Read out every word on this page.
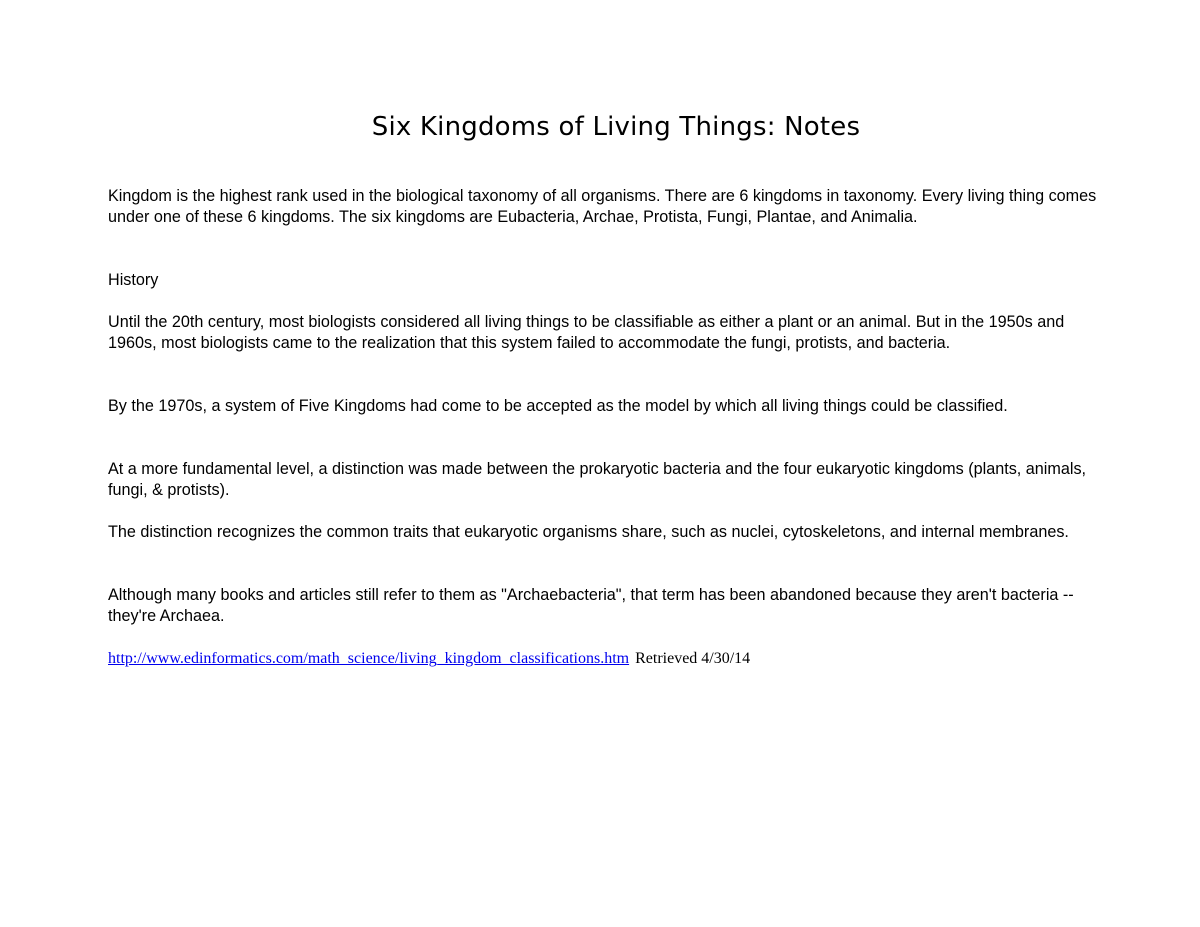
Six Kingdoms of Living Things: Notes

Kingdom is the highest rank used in the biological taxonomy of all organisms. There are 6 kingdoms in taxonomy. Every living thing comes under one of these 6 kingdoms. The six kingdoms are Eubacteria, Archae, Protista, Fungi, Plantae, and Animalia.

History

Until the 20th century, most biologists considered all living things to be classifiable as either a plant or an animal. But in the 1950s and 1960s, most biologists came to the realization that this system failed to accommodate the fungi, protists, and bacteria.

By the 1970s, a system of Five Kingdoms had come to be accepted as the model by which all living things could be classified.

At a more fundamental level, a distinction was made between the prokaryotic bacteria and the four eukaryotic kingdoms (plants, animals, fungi, & protists).

The distinction recognizes the common traits that eukaryotic organisms share, such as nuclei, cytoskeletons, and internal membranes.

Although many books and articles still refer to them as "Archaebacteria", that term has been abandoned because they aren't bacteria -- they're Archaea.

http://www.edinformatics.com/math_science/living_kingdom_classifications.htm Retrieved 4/30/14
